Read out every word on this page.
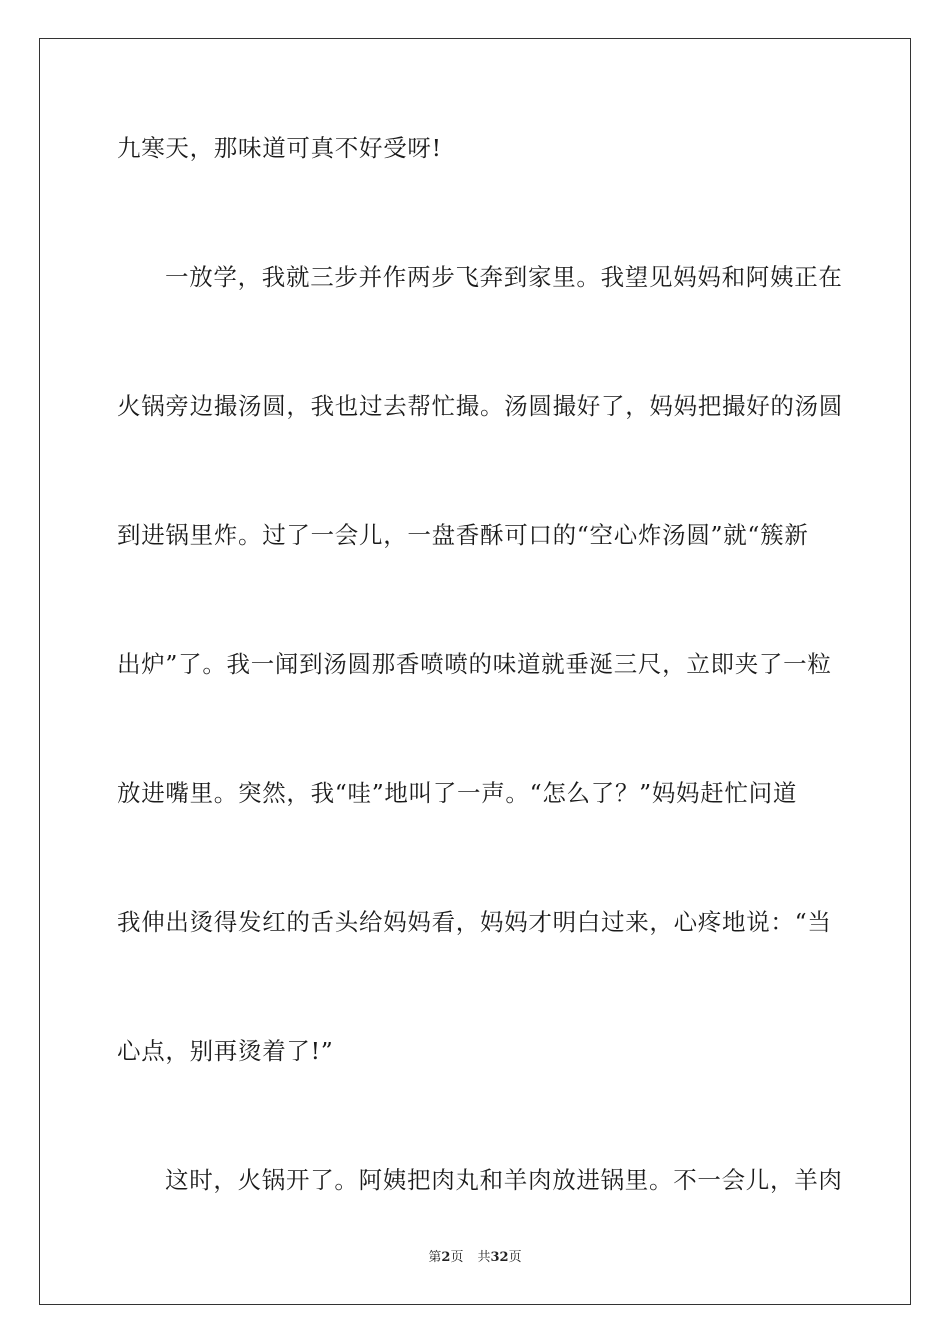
九寒天，那味道可真不好受呀!
一放学，我就三步并作两步飞奔到家里。我望见妈妈和阿姨正在
火锅旁边撮汤圆，我也过去帮忙撮。汤圆撮好了，妈妈把撮好的汤圆
到进锅里炸。过了一会儿，一盘香酥可口的“空心炸汤圆”就“簇新
出炉”了。我一闻到汤圆那香喷喷的味道就垂涎三尺，立即夹了一粒
放进嘴里。突然，我“哇”地叫了一声。“怎么了？”妈妈赶忙问道
我伸出烫得发红的舌头给妈妈看，妈妈才明白过来，心疼地说：“当
心点，别再烫着了!”
这时，火锅开了。阿姨把肉丸和羊肉放进锅里。不一会儿，羊肉
第2页 共32页
